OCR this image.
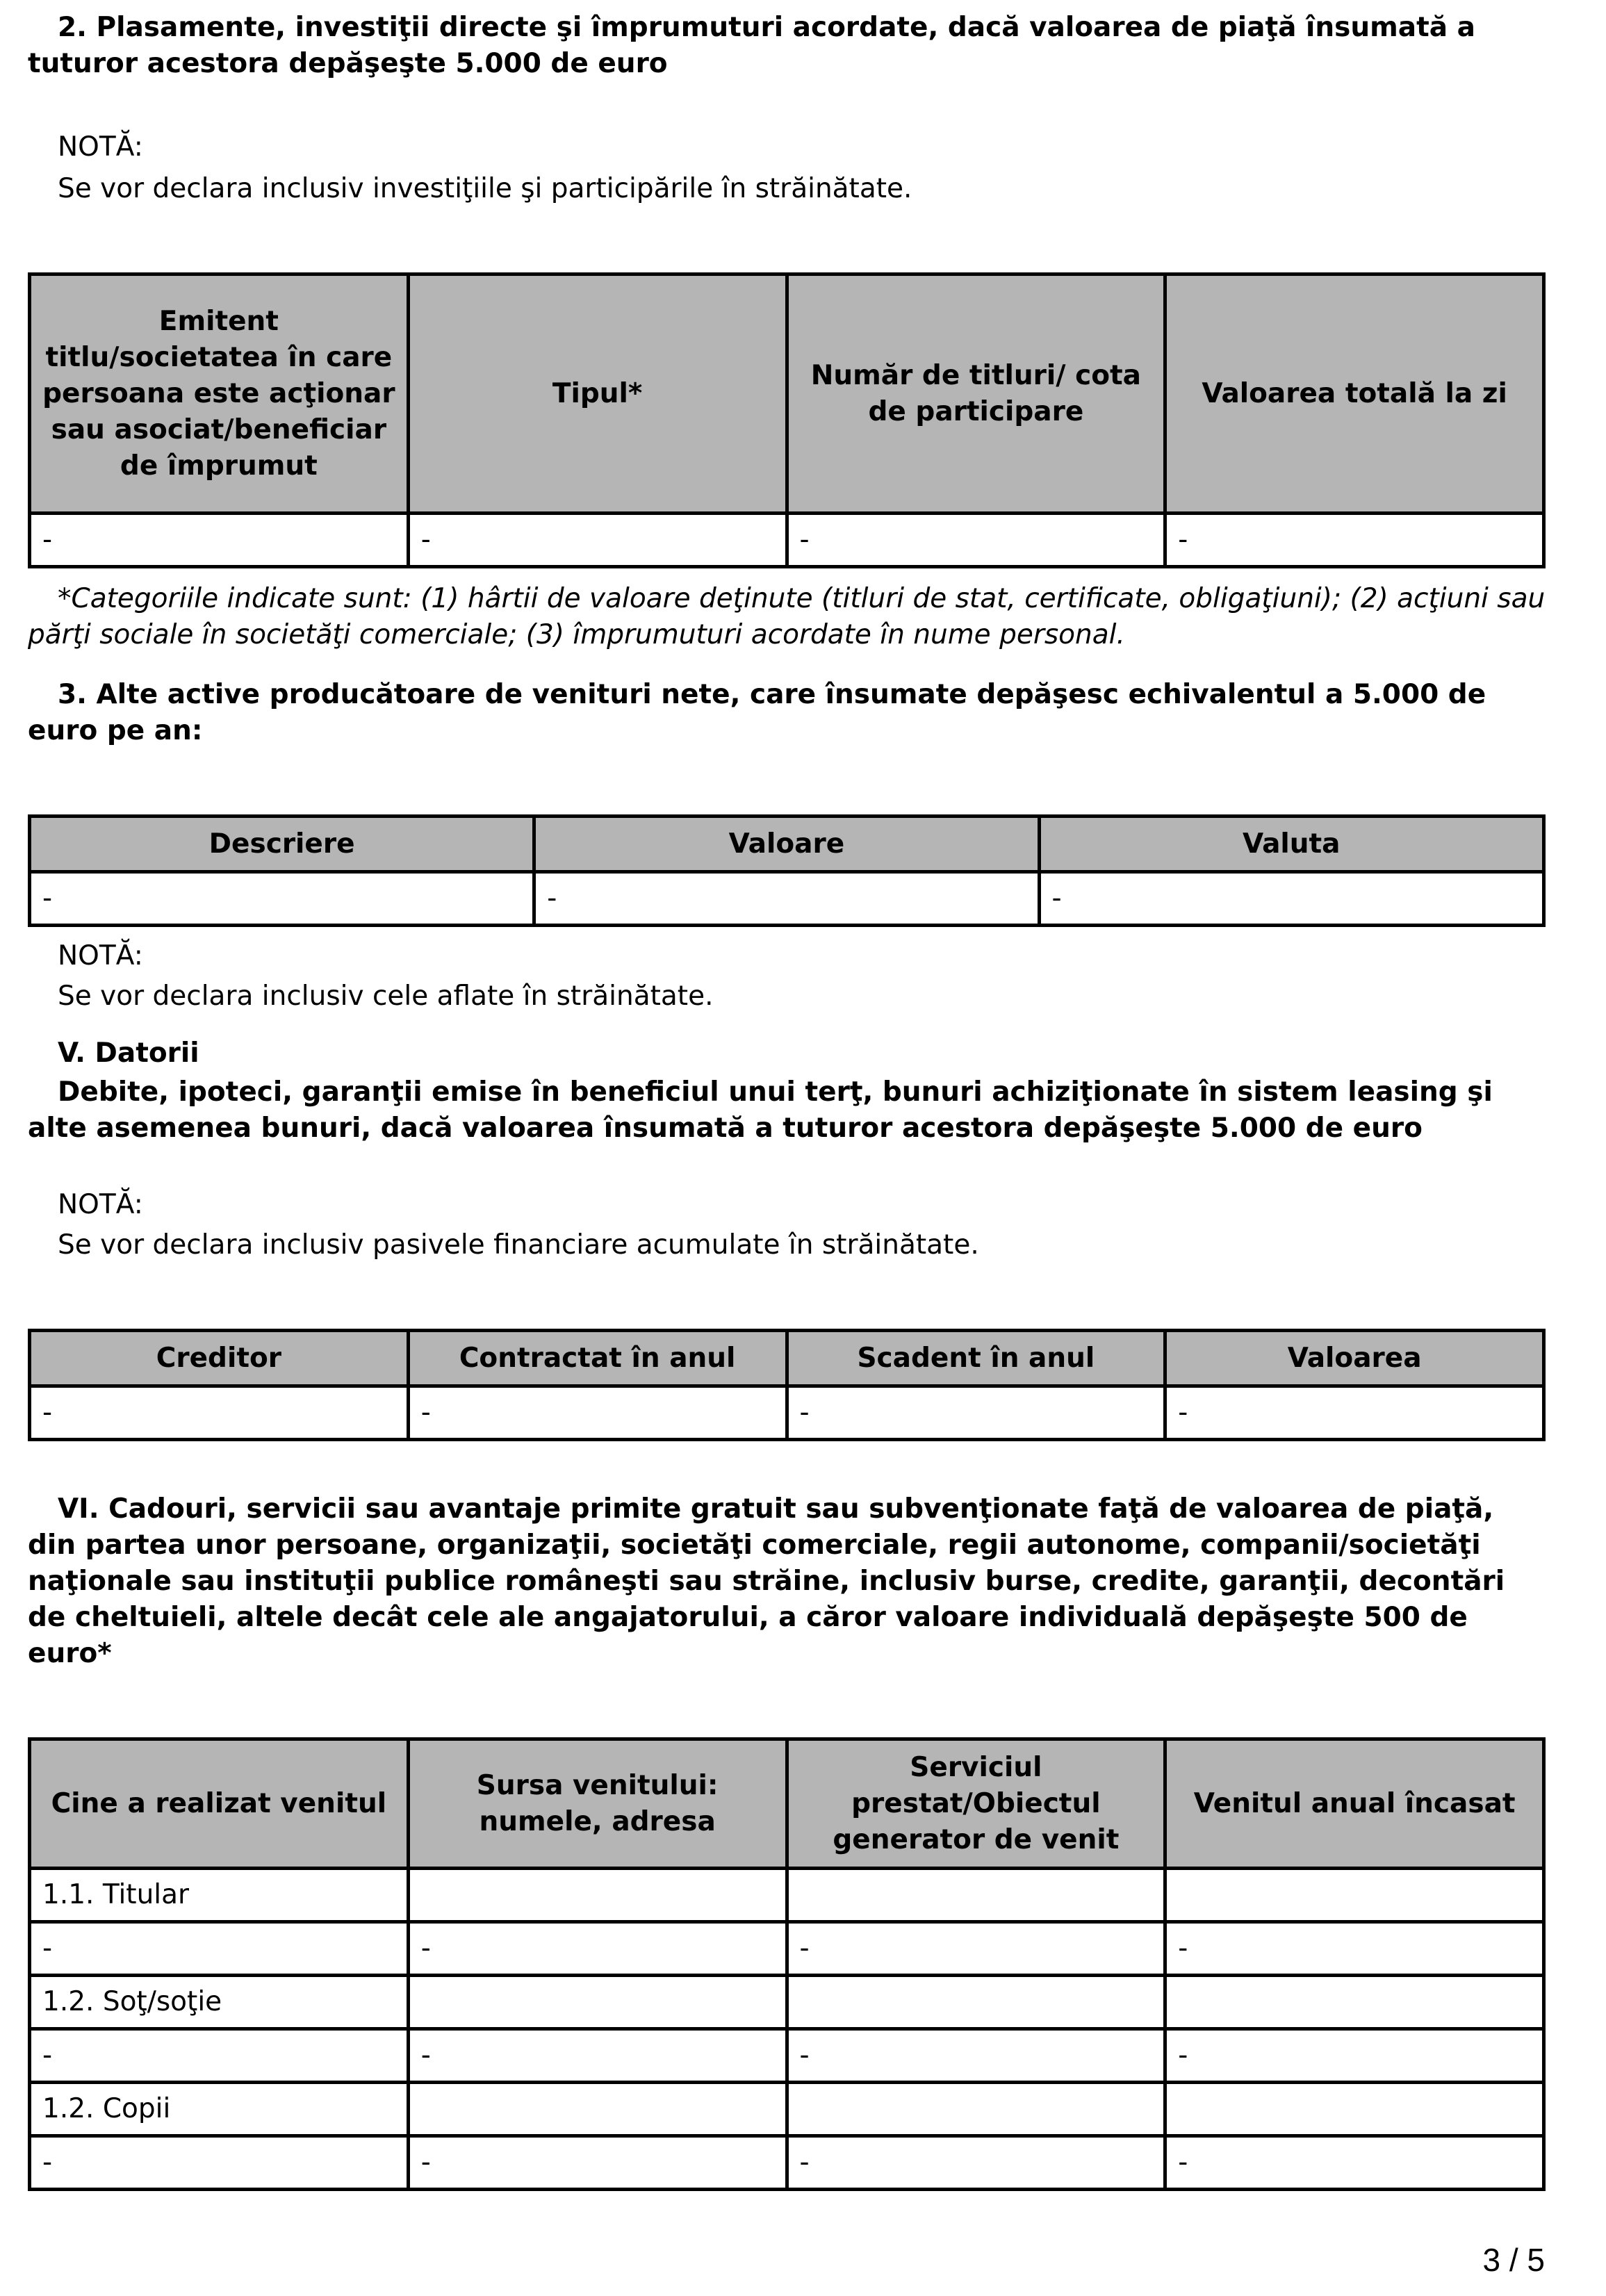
2. Plasamente, investiţii directe şi împrumuturi acordate, dacă valoarea de piaţă însumată a tuturor acestora depăşeşte 5.000 de euro

NOTĂ:

Se vor declara inclusiv investiţiile şi participările în străinătate.

Emitent titlu/societatea în care persoana este acţionar sau asociat/beneficiar de împrumut	Tipul*	Număr de titluri/ cota de participare	Valoarea totală la zi
-	-	-	-

*Categoriile indicate sunt: (1) hârtii de valoare deţinute (titluri de stat, certificate, obligaţiuni); (2) acţiuni sau părţi sociale în societăţi comerciale; (3) împrumuturi acordate în nume personal.

3. Alte active producătoare de venituri nete, care însumate depăşesc echivalentul a 5.000 de euro pe an:

Descriere	Valoare	Valuta
-	-	-

NOTĂ:

Se vor declara inclusiv cele aflate în străinătate.

V. Datorii

Debite, ipoteci, garanţii emise în beneficiul unui terţ, bunuri achiziţionate în sistem leasing şi alte asemenea bunuri, dacă valoarea însumată a tuturor acestora depăşeşte 5.000 de euro

NOTĂ:

Se vor declara inclusiv pasivele financiare acumulate în străinătate.

Creditor	Contractat în anul	Scadent în anul	Valoarea
-	-	-	-

VI. Cadouri, servicii sau avantaje primite gratuit sau subvenţionate faţă de valoarea de piaţă, din partea unor persoane, organizaţii, societăţi comerciale, regii autonome, companii/societăţi naţionale sau instituţii publice româneşti sau străine, inclusiv burse, credite, garanţii, decontări de cheltuieli, altele decât cele ale angajatorului, a căror valoare individuală depăşeşte 500 de euro*

Cine a realizat venitul	Sursa venitului: numele, adresa	Serviciul prestat/Obiectul generator de venit	Venitul anual încasat
1.1. Titular			
-	-	-	-
1.2. Soţ/soţie			
-	-	-	-
1.2. Copii			
-	-	-	-
3 / 5
